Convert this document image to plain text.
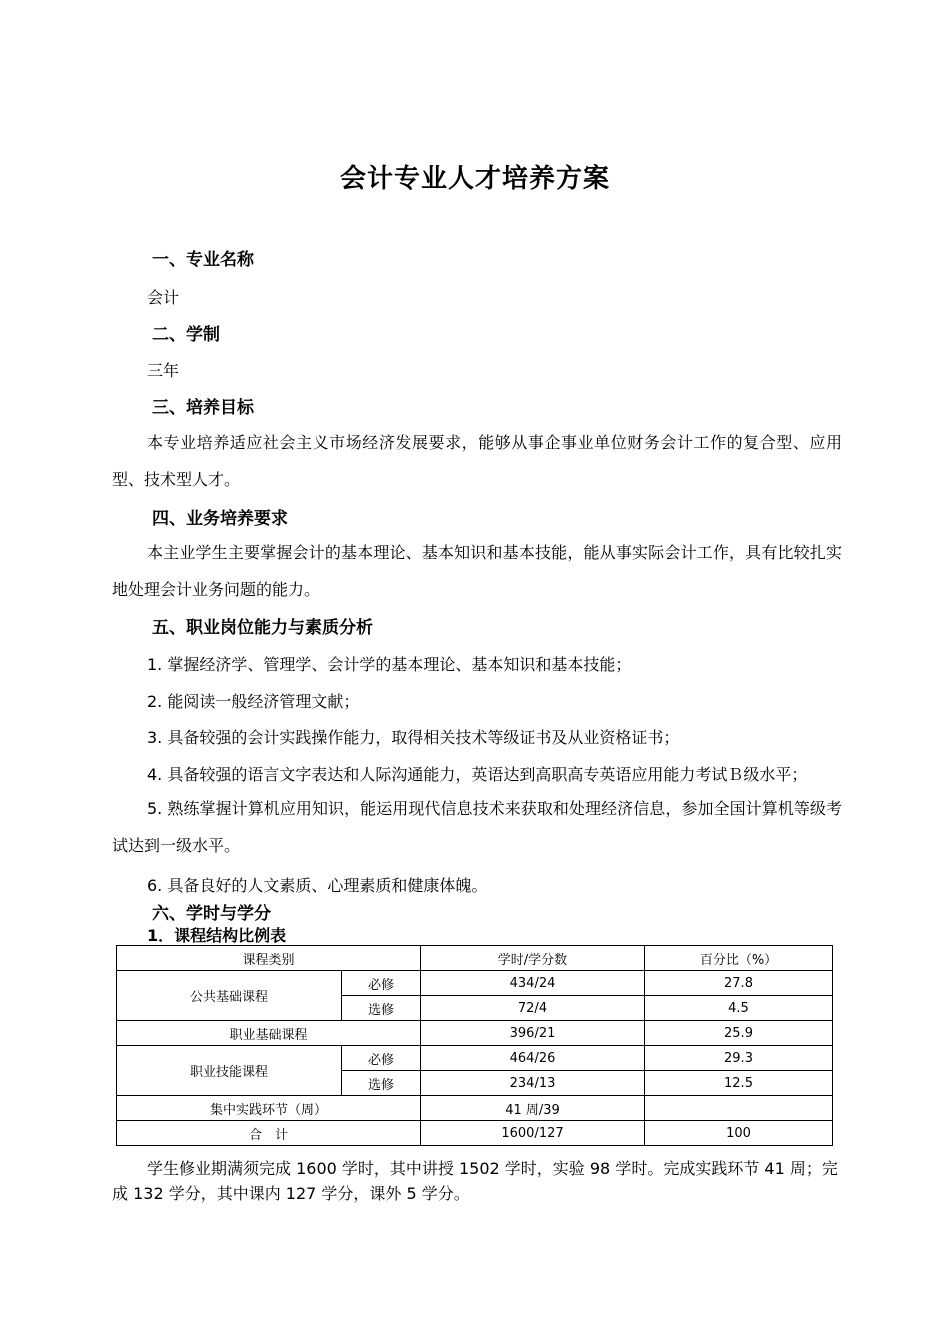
会计专业人才培养方案
一、专业名称
会计
二、学制
三年
三、培养目标
本专业培养适应社会主义市场经济发展要求，能够从事企事业单位财务会计工作的复合型、应用型、技术型人才。
四、业务培养要求
本主业学生主要掌握会计的基本理论、基本知识和基本技能，能从事实际会计工作，具有比较扎实地处理会计业务问题的能力。
五、职业岗位能力与素质分析
1. 掌握经济学、管理学、会计学的基本理论、基本知识和基本技能；
2. 能阅读一般经济管理文献；
3. 具备较强的会计实践操作能力，取得相关技术等级证书及从业资格证书；
4. 具备较强的语言文字表达和人际沟通能力，英语达到高职高专英语应用能力考试Ｂ级水平；
5. 熟练掌握计算机应用知识，能运用现代信息技术来获取和处理经济信息，参加全国计算机等级考试达到一级水平。
6. 具备良好的人文素质、心理素质和健康体魄。
六、学时与学分
1．课程结构比例表
课程类别		学时/学分数	百分比（%）
公共基础课程	必修	434/24	27.8
	选修	72/4	4.5
职业基础课程		396/21	25.9
职业技能课程	必修	464/26	29.3
	选修	234/13	12.5
集中实践环节（周）		41 周/39	
合　计		1600/127	100
学生修业期满须完成 1600 学时，其中讲授 1502 学时，实验 98 学时。完成实践环节 41 周；完成 132 学分，其中课内 127 学分，课外 5 学分。
